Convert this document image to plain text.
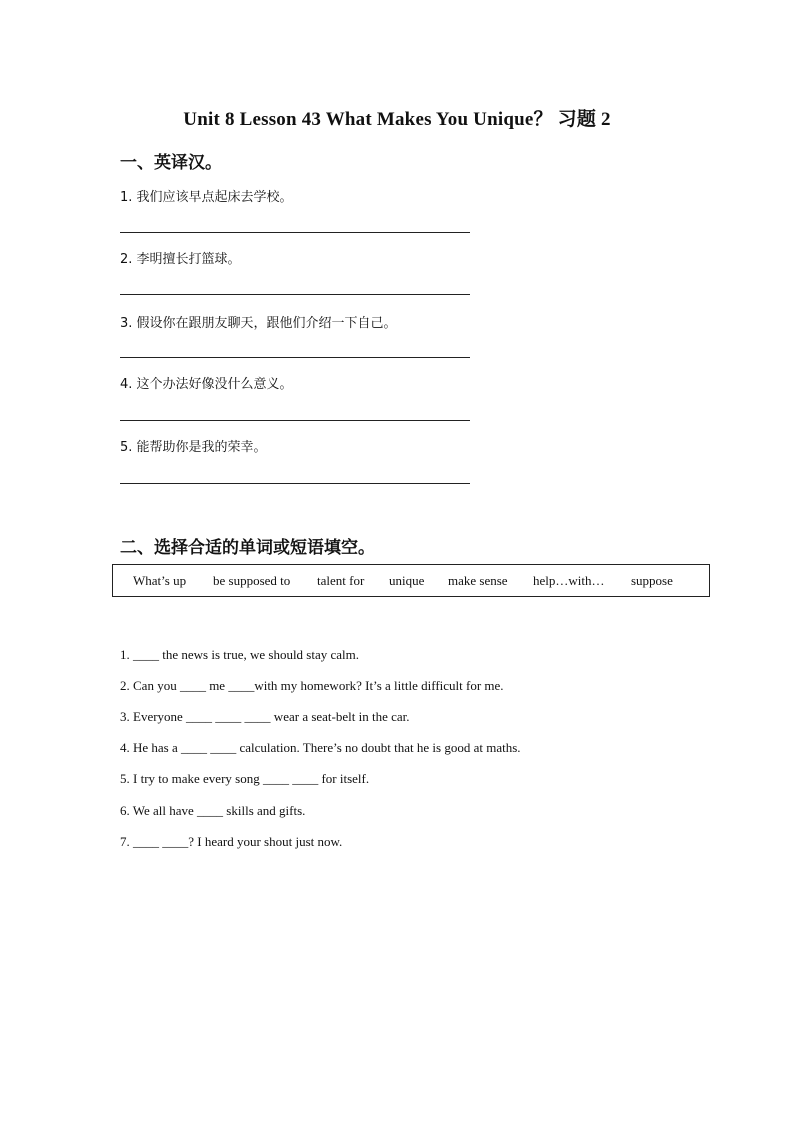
Unit 8 Lesson 43 What Makes You Unique？ 习题 2
一、英译汉。
1. 我们应该早点起床去学校。
2. 李明擅长打篮球。
3. 假设你在跟朋友聊天，跟他们介绍一下自己。
4. 这个办法好像没什么意义。
5. 能帮助你是我的荣幸。
二、选择合适的单词或短语填空。
What’s up be supposed to talent for unique make sense help…with… suppose
1. ____ the news is true, we should stay calm.
2. Can you ____ me ____with my homework? It’s a little difficult for me.
3. Everyone ____ ____ ____ wear a seat-belt in the car.
4. He has a ____ ____ calculation. There’s no doubt that he is good at maths.
5. I try to make every song ____ ____ for itself.
6. We all have ____ skills and gifts.
7. ____ ____? I heard your shout just now.
